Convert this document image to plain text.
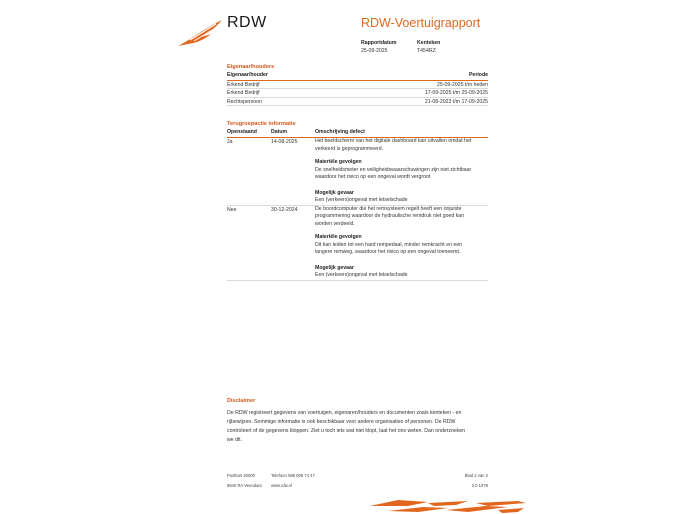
RDW	RDW-Voertuigrapport
Rapportdatum
25-09-2025
Kenteken
T454RZ
Eigenaar/houders
Eigenaar/houder	Periode
Erkend Bedrijf	25-09-2025 t/m heden
Erkend Bedrijf	17-09-2025 t/m 25-09-2025
Rechtspersoon	21-08-2023 t/m 17-09-2025
Terugroepactie informatie
Openstaand	Datum	Omschrijving defect
Ja	14-08-2025	Het beeldscherm van het digitale dashboard kan uitvallen omdat het

verkeerd is geprogrammeerd.

Materiële gevolgen

De snelheidsmeter en veiligheidswaarschuwingen zijn niet zichtbaar

waardoor het risico op een ongeval wordt vergroot

Mogelijk gevaar

Een (verkeers)ongeval met letselschade

Nee	30-12-2024	De boordcomputer die het remsysteem regelt heeft een onjuiste

programmering waardoor de hydraulische remdruk niet goed kan

worden verdeeld.

Materiële gevolgen

Dit kan leiden tot een hard rempedaal, minder remkracht en een

langere remweg, waardoor het risico op een ongeval toeneemt.

Mogelijk gevaar

Een (verkeers)ongeval met letselschade

Disclaimer
De RDW registreert gegevens van voertuigen, eigenaren/houders en documenten zoals kenteken - en
rijbewijzen. Sommige informatie is ook beschikbaar voor andere organisaties of personen. De RDW
controleert of de gegevens kloppen. Ziet u toch iets wat niet klopt, laat het ons weten. Dan onderzoeken
we dit.
Postbus 30000
9640 RA Veendam
Telefoon 088 008 74 47
www.rdw.nl
Blad 2 van 2
2.0 1078
